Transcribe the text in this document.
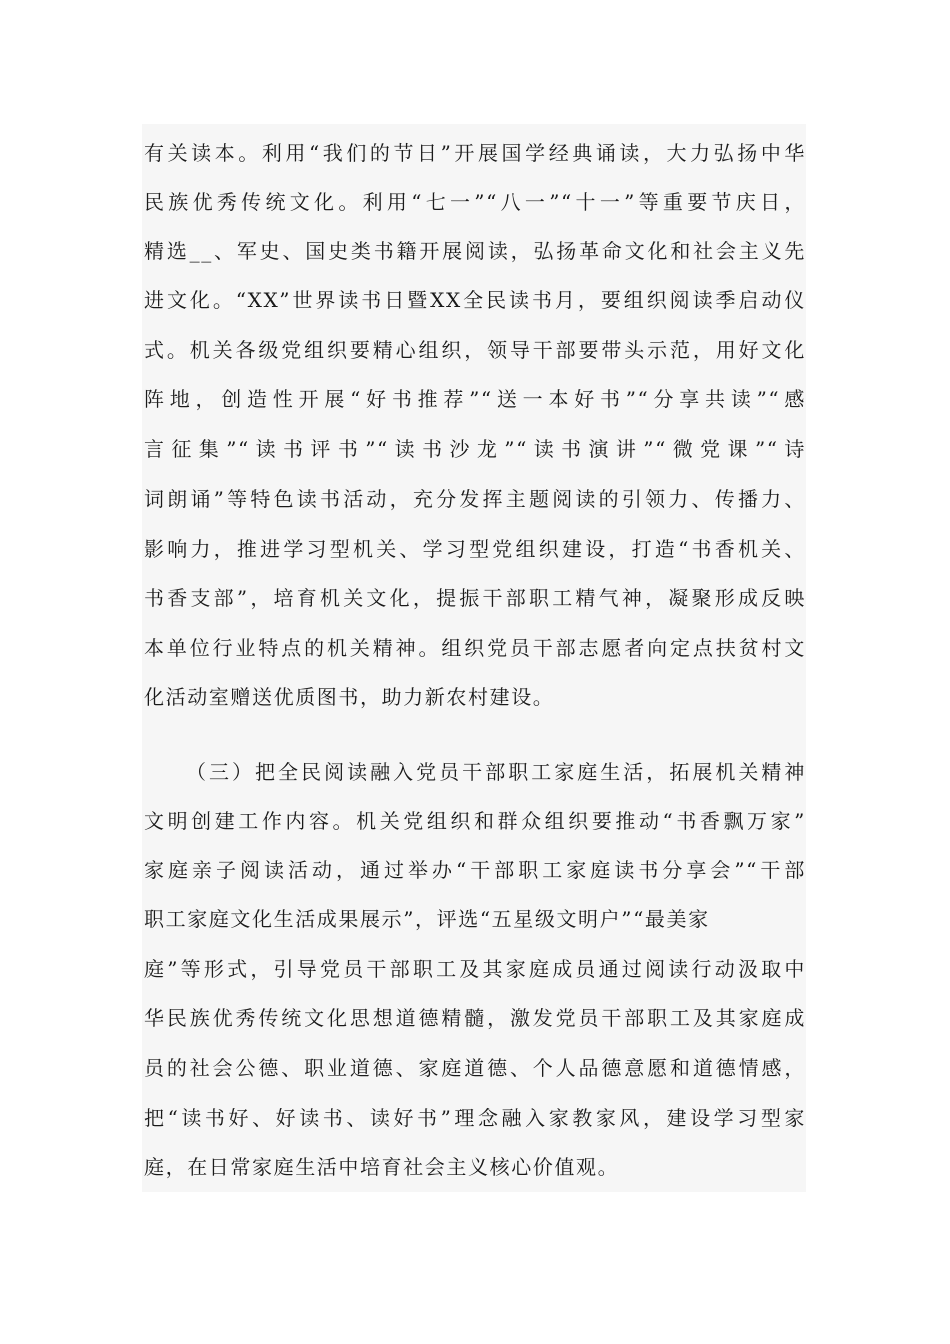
有关读本。利用“我们的节日”开展国学经典诵读，大力弘扬中华
民族优秀传统文化。利用“七一”“八一”“十一”等重要节庆日，
精选__、军史、国史类书籍开展阅读，弘扬革命文化和社会主义先
进文化。“XX”世界读书日暨XX全民读书月，要组织阅读季启动仪
式。机关各级党组织要精心组织，领导干部要带头示范，用好文化
阵地，创造性开展“好书推荐”“送一本好书”“分享共读”“感
言征集”“读书评书”“读书沙龙”“读书演讲”“微党课”“诗
词朗诵”等特色读书活动，充分发挥主题阅读的引领力、传播力、
影响力，推进学习型机关、学习型党组织建设，打造“书香机关、
书香支部”，培育机关文化，提振干部职工精气神，凝聚形成反映
本单位行业特点的机关精神。组织党员干部志愿者向定点扶贫村文
化活动室赠送优质图书，助力新农村建设。
（三）把全民阅读融入党员干部职工家庭生活，拓展机关精神
文明创建工作内容。机关党组织和群众组织要推动“书香飘万家”
家庭亲子阅读活动，通过举办“干部职工家庭读书分享会”“干部
职工家庭文化生活成果展示”，评选“五星级文明户”“最美家
庭”等形式，引导党员干部职工及其家庭成员通过阅读行动汲取中
华民族优秀传统文化思想道德精髓，激发党员干部职工及其家庭成
员的社会公德、职业道德、家庭道德、个人品德意愿和道德情感，
把“读书好、好读书、读好书”理念融入家教家风，建设学习型家
庭，在日常家庭生活中培育社会主义核心价值观。
